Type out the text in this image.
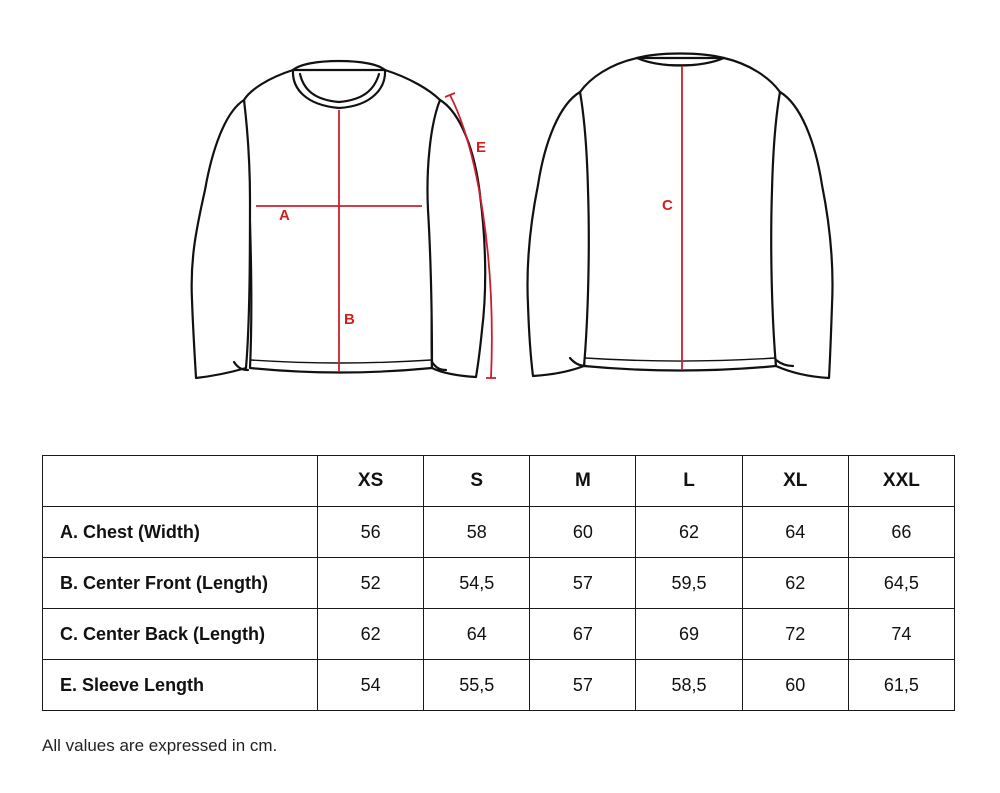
A
B
C
E
	XS	S	M	L	XL	XXL
A. Chest (Width)	56	58	60	62	64	66
B. Center Front (Length)	52	54,5	57	59,5	62	64,5
C. Center Back (Length)	62	64	67	69	72	74
E. Sleeve Length	54	55,5	57	58,5	60	61,5
All values are expressed in cm.
